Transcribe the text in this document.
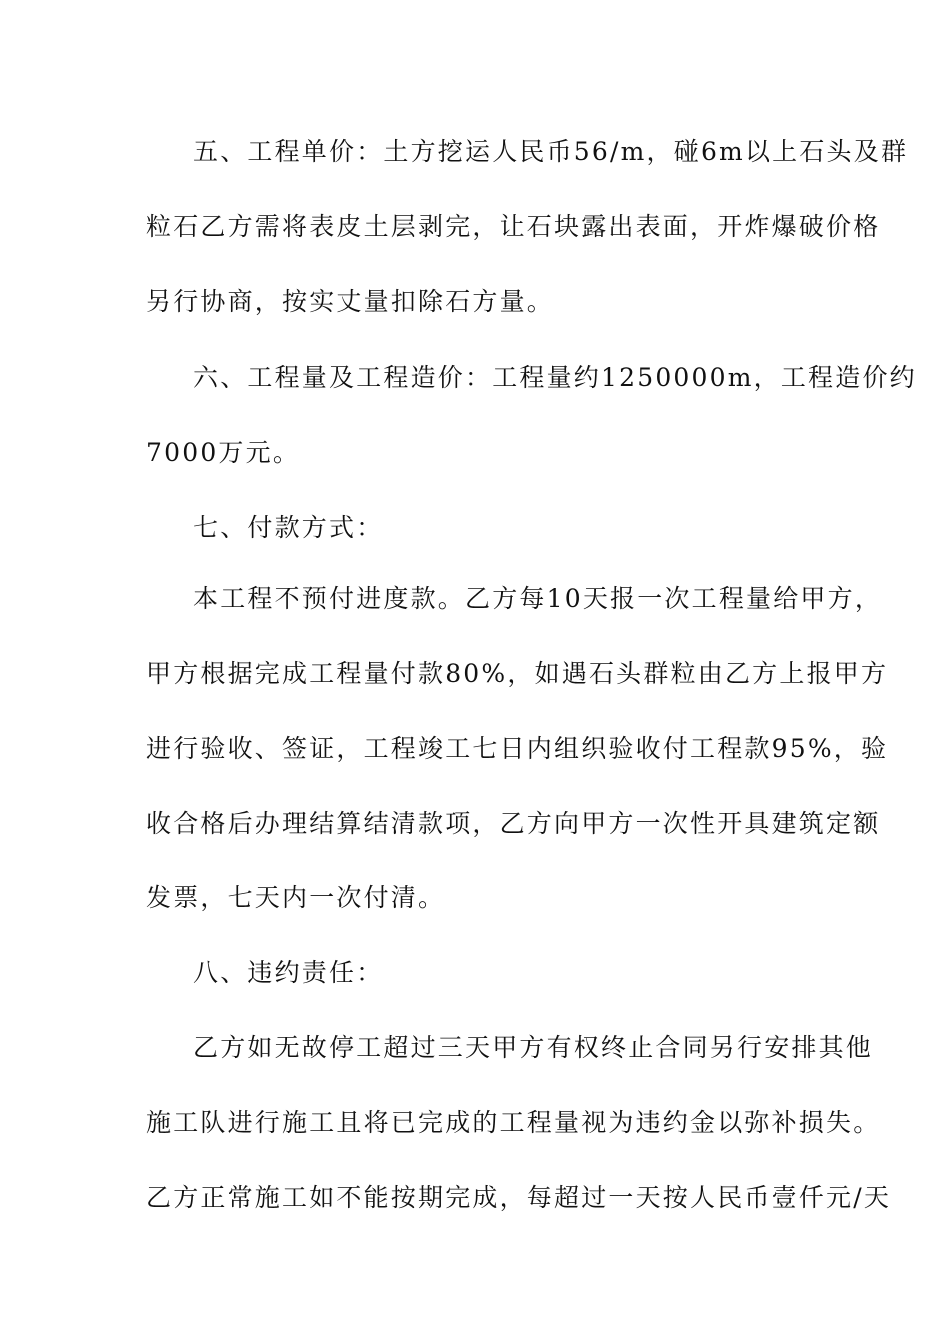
五、工程单价：土方挖运人民币56/m，碰6m以上石头及群
粒石乙方需将表皮土层剥完，让石块露出表面，开炸爆破价格
另行协商，按实丈量扣除石方量。
六、工程量及工程造价：工程量约1250000m，工程造价约
7000万元。
七、付款方式：
本工程不预付进度款。乙方每10天报一次工程量给甲方，
甲方根据完成工程量付款80%，如遇石头群粒由乙方上报甲方
进行验收、签证，工程竣工七日内组织验收付工程款95%，验
收合格后办理结算结清款项，乙方向甲方一次性开具建筑定额
发票，七天内一次付清。
八、违约责任：
乙方如无故停工超过三天甲方有权终止合同另行安排其他
施工队进行施工且将已完成的工程量视为违约金以弥补损失。
乙方正常施工如不能按期完成，每超过一天按人民币壹仟元/天
